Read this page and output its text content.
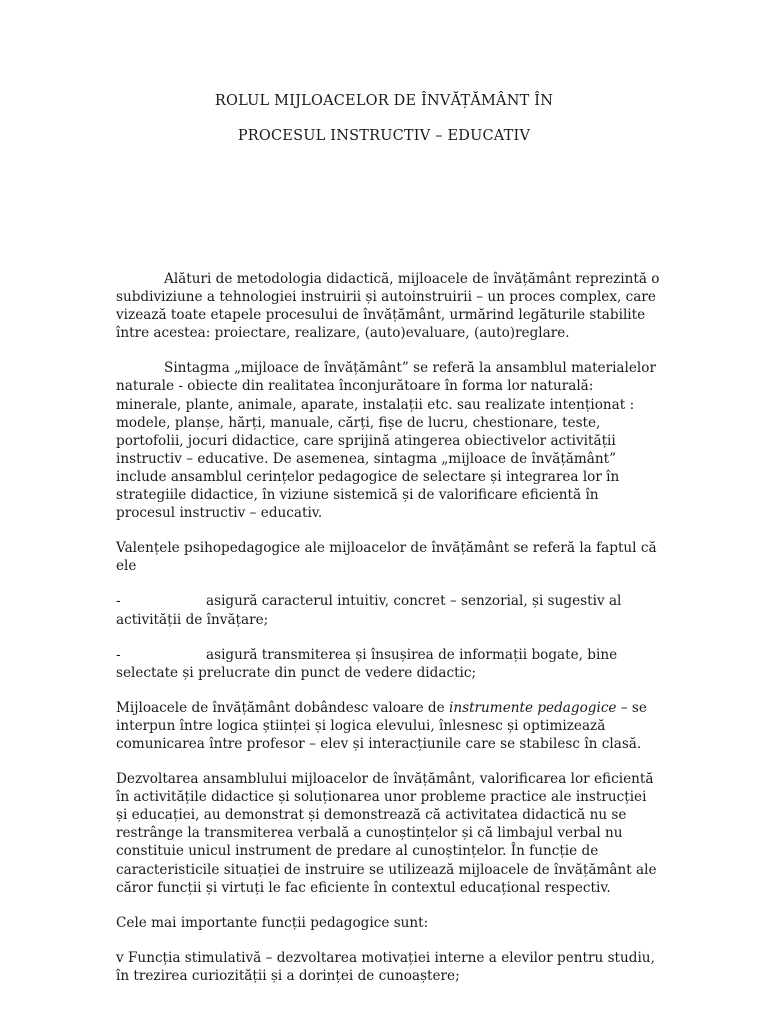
ROLUL MIJLOACELOR DE ÎNVĂȚĂMÂNT ÎN
PROCESUL INSTRUCTIV – EDUCATIV

Alături de metodologia didactică, mijloacele de învățământ reprezintă o subdiviziune a tehnologiei instruirii și autoinstruirii – un proces complex, care vizează toate etapele procesului de învățământ, urmărind legăturile stabilite între acestea: proiectare, realizare, (auto)evaluare, (auto)reglare.

Sintagma „mijloace de învățământ” se referă la ansamblul materialelor naturale - obiecte din realitatea înconjurătoare în forma lor naturală: minerale, plante, animale, aparate, instalații etc. sau realizate intenționat : modele, planșe, hărți, manuale, cărți, fișe de lucru, chestionare, teste, portofolii, jocuri didactice, care sprijină atingerea obiectivelor activității instructiv – educative. De asemenea, sintagma „mijloace de învățământ” include ansamblul cerințelor pedagogice de selectare și integrarea lor în strategiile didactice, în viziune sistemică și de valorificare eficientă în procesul instructiv – educativ.

Valențele psihopedagogice ale mijloacelor de învățământ se referă la faptul că ele

-	asigură caracterul intuitiv, concret – senzorial, și sugestiv al activității de învățare;

-	asigură transmiterea și însușirea de informații bogate, bine selectate și prelucrate din punct de vedere didactic;

Mijloacele de învățământ dobândesc valoare de instrumente pedagogice – se interpun între logica științei și logica elevului, înlesnesc și optimizează comunicarea între profesor – elev și interacțiunile care se stabilesc în clasă.

Dezvoltarea ansamblului mijloacelor de învățământ, valorificarea lor eficientă în activitățile didactice și soluționarea unor probleme practice ale instrucției și educației, au demonstrat și demonstrează că activitatea didactică nu se restrânge la transmiterea verbală a cunoștințelor și că limbajul verbal nu constituie unicul instrument de predare al cunoștințelor. În funcție de caracteristicile situației de instruire se utilizează mijloacele de învățământ ale căror funcții și virtuți le fac eficiente în contextul educațional respectiv.

Cele mai importante funcții pedagogice sunt:

v Funcția stimulativă – dezvoltarea motivației interne a elevilor pentru studiu, în trezirea curiozității și a dorinței de cunoaștere;
